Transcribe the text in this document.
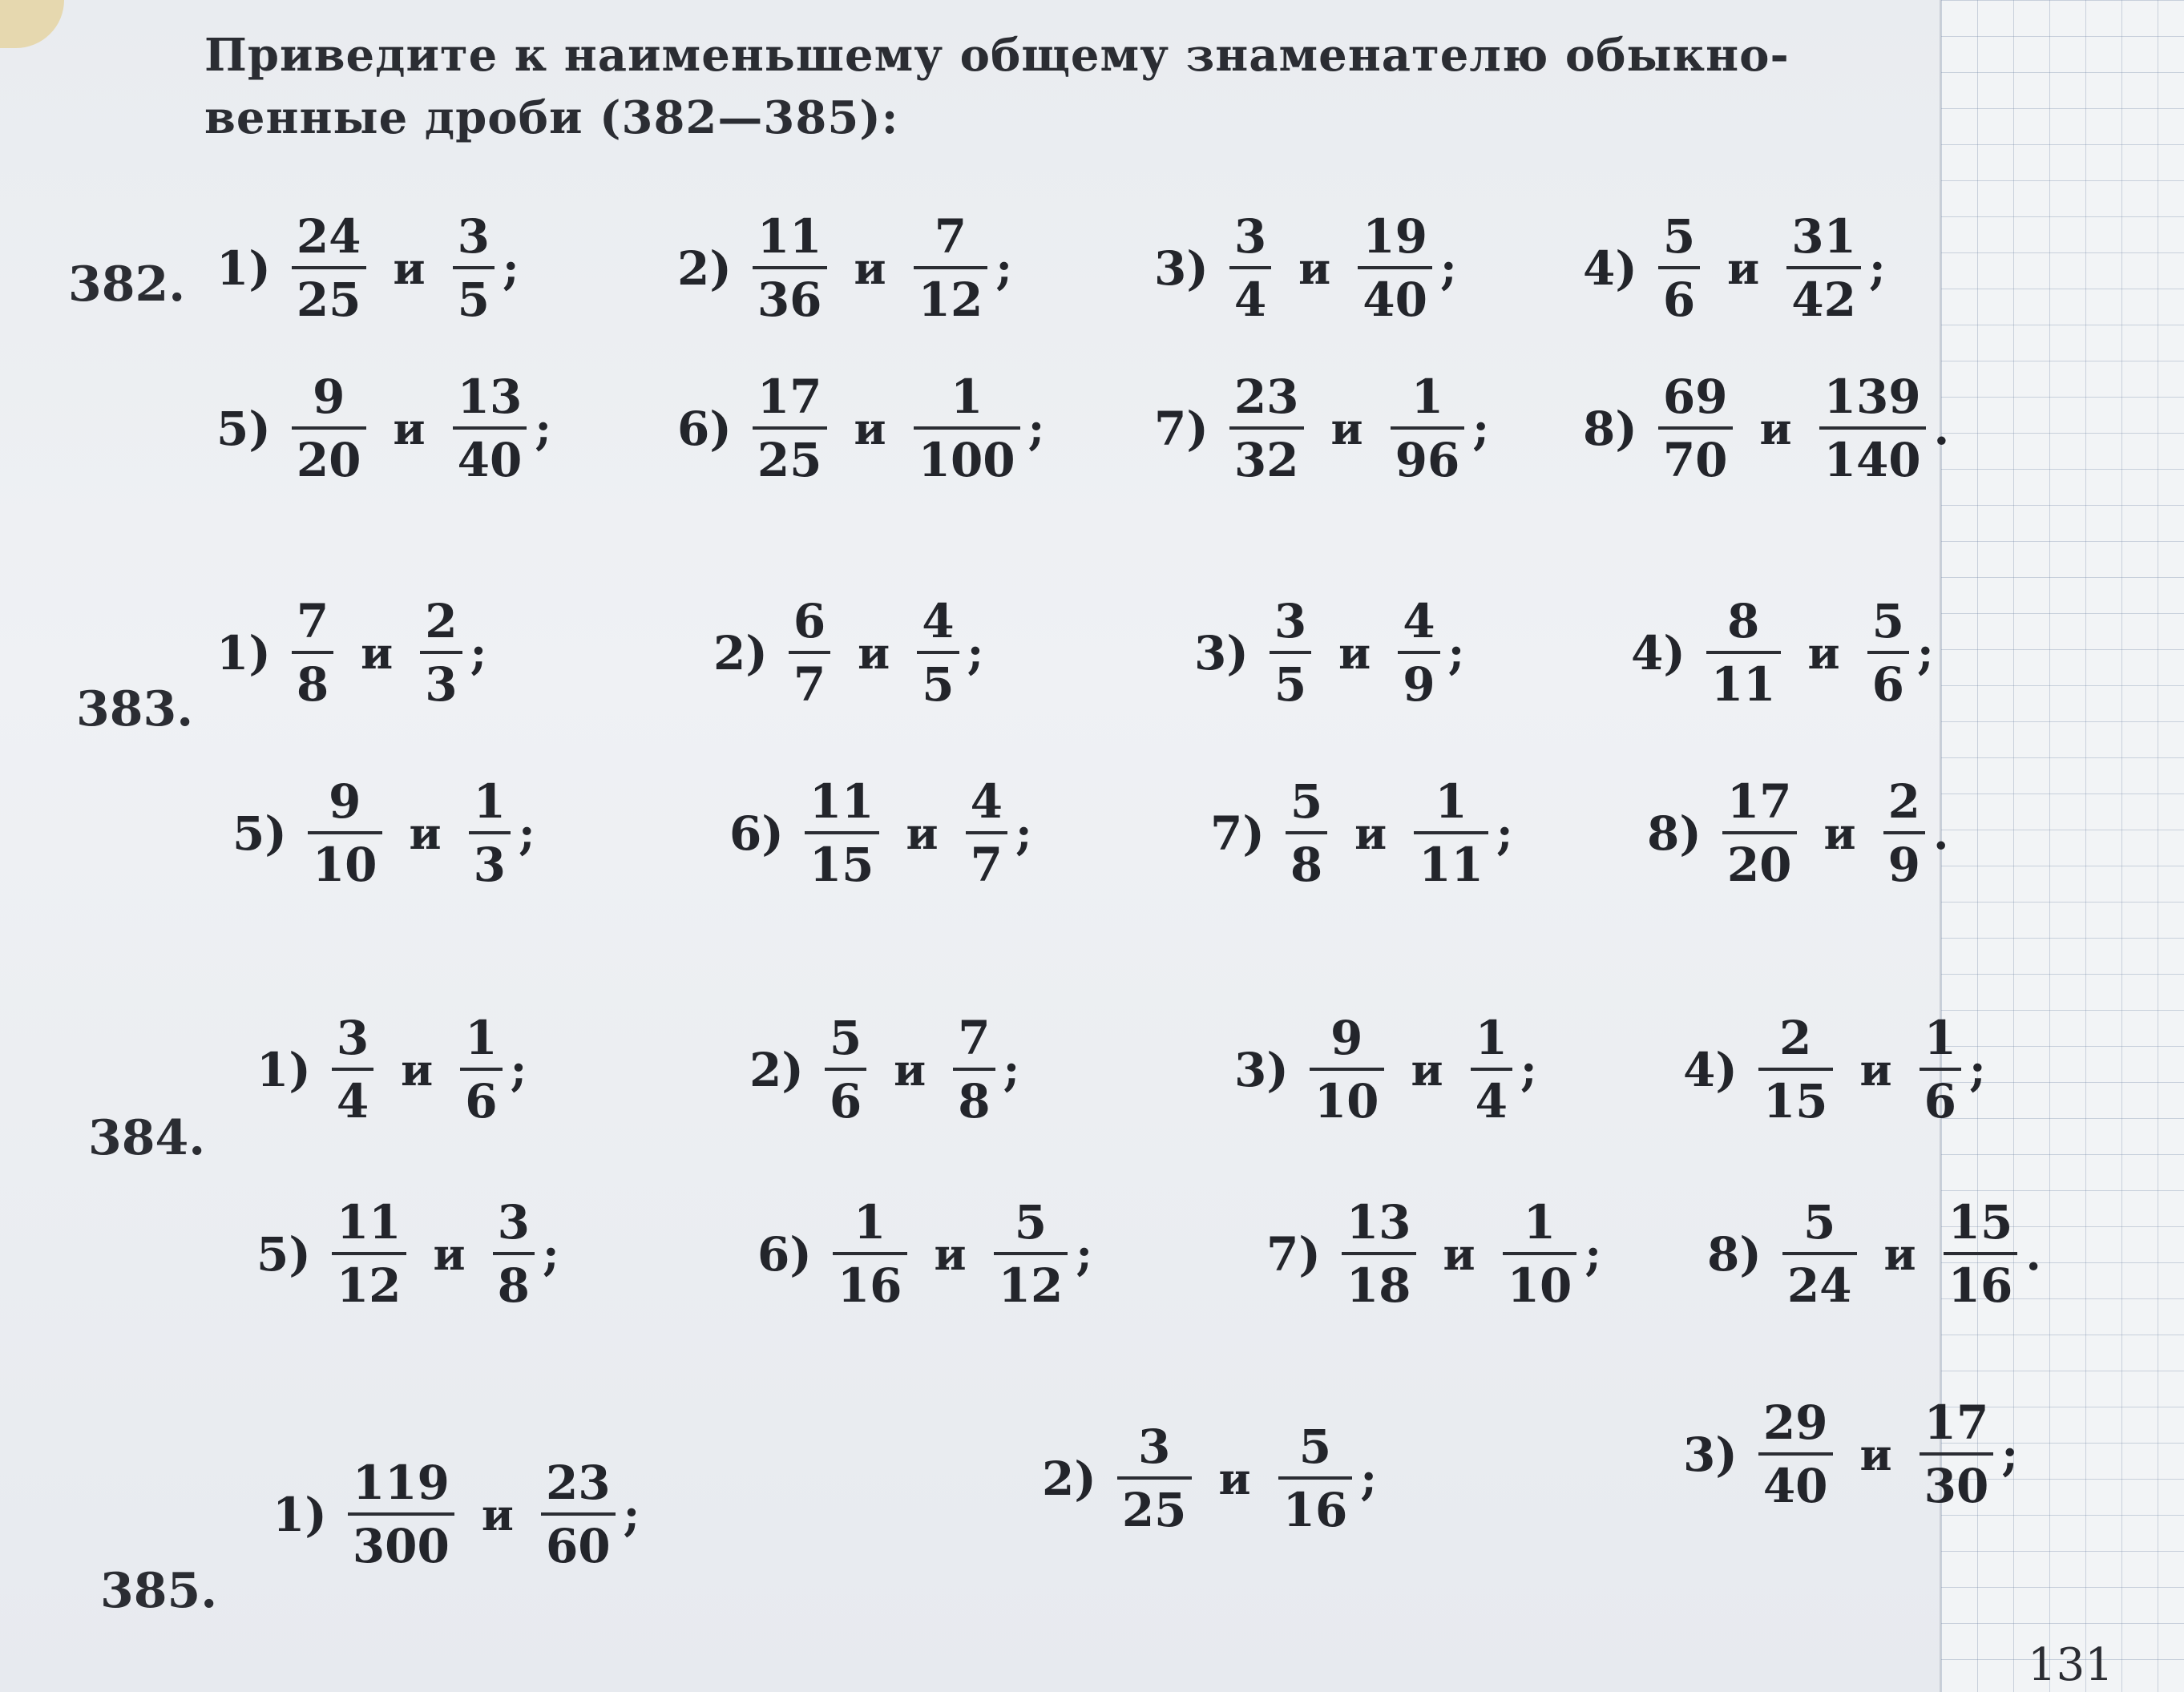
Приведите к наименьшему общему знаменателю обыкно-
венные дроби (382—385):
382. $1) \frac{24}{25}$ и $\frac{3}{5}$ ;	$2) \frac{11}{36}$ и $\frac{7}{12}$ ;	$3) \frac{3}{4}$ и $\frac{19}{40}$ ;	$4) \frac{5}{6}$ и $\frac{31}{42}$ ;
$5) \frac{9}{20}$ и $\frac{13}{40}$ ;	$6) \frac{17}{25}$ и $\frac{1}{100}$ ; $7) \frac{23}{32}$ и $\frac{1}{96}$ ; $8) \frac{69}{70}$ и $\frac{139}{140}$ .
383.
$1) \frac{7}{8}$ и $\frac{2}{3}$ ;	$2) \frac{6}{7}$ и $\frac{4}{5}$ ;	$3) \frac{3}{5}$ и $\frac{4}{9}$ ;	$4) \frac{8}{11}$ и $\frac{5}{6}$ ;
$5) \frac{9}{10}$ и $\frac{1}{3}$ ;	$6) \frac{11}{15}$ и $\frac{4}{7}$ ;	$7) \frac{5}{8}$ и $\frac{1}{11}$ ;	$8) \frac{17}{20}$ и $\frac{2}{9}$ .
384.
$1) \frac{3}{4}$ и $\frac{1}{6}$ ;	$2) \frac{5}{6}$ и $\frac{7}{8}$ ;	$3) \frac{9}{10}$ и $\frac{1}{4}$ ;	$4) \frac{2}{15}$ и $\frac{1}{6}$ ;
$5) \frac{11}{12}$ и $\frac{3}{8}$ ;	$6) \frac{1}{16}$ и $\frac{5}{12}$ ;	$7) \frac{13}{18}$ и $\frac{1}{10}$ ; $8) \frac{5}{24}$ и $\frac{15}{16}$ .
385.
$1) \frac{119}{300}$ и $\frac{23}{60}$ ;
$2) \frac{3}{25}$ и $\frac{5}{16}$ ;	$3) \frac{29}{40}$ и $\frac{17}{30}$ ;
131
